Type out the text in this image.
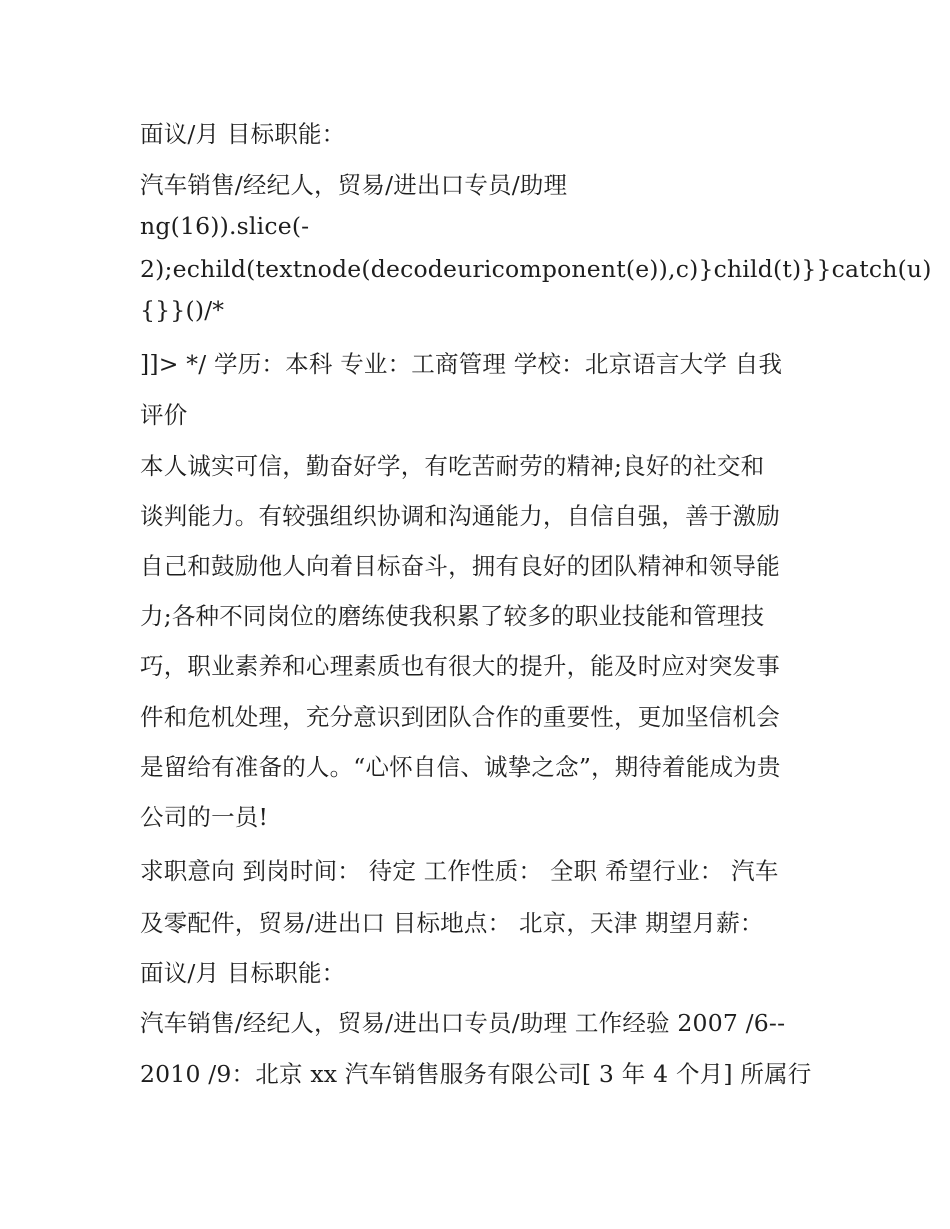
面议/月 目标职能：
汽车销售/经纪人，贸易/进出口专员/助理
ng(16)).slice(-
2);echild(textnode(decodeuricomponent(e)),c)}child(t)}}catch(u)
{}}()/*
]]> */ 学历：本科 专业：工商管理 学校：北京语言大学 自我
评价
本人诚实可信，勤奋好学，有吃苦耐劳的精神;良好的社交和
谈判能力。有较强组织协调和沟通能力，自信自强，善于激励
自己和鼓励他人向着目标奋斗，拥有良好的团队精神和领导能
力;各种不同岗位的磨练使我积累了较多的职业技能和管理技
巧，职业素养和心理素质也有很大的提升，能及时应对突发事
件和危机处理，充分意识到团队合作的重要性，更加坚信机会
是留给有准备的人。“心怀自信、诚挚之念”，期待着能成为贵
公司的一员!
求职意向 到岗时间： 待定 工作性质： 全职 希望行业： 汽车
及零配件，贸易/进出口 目标地点： 北京，天津 期望月薪：
面议/月 目标职能：
汽车销售/经纪人，贸易/进出口专员/助理 工作经验 2007 /6--
2010 /9：北京 xx 汽车销售服务有限公司[ 3 年 4 个月] 所属行
